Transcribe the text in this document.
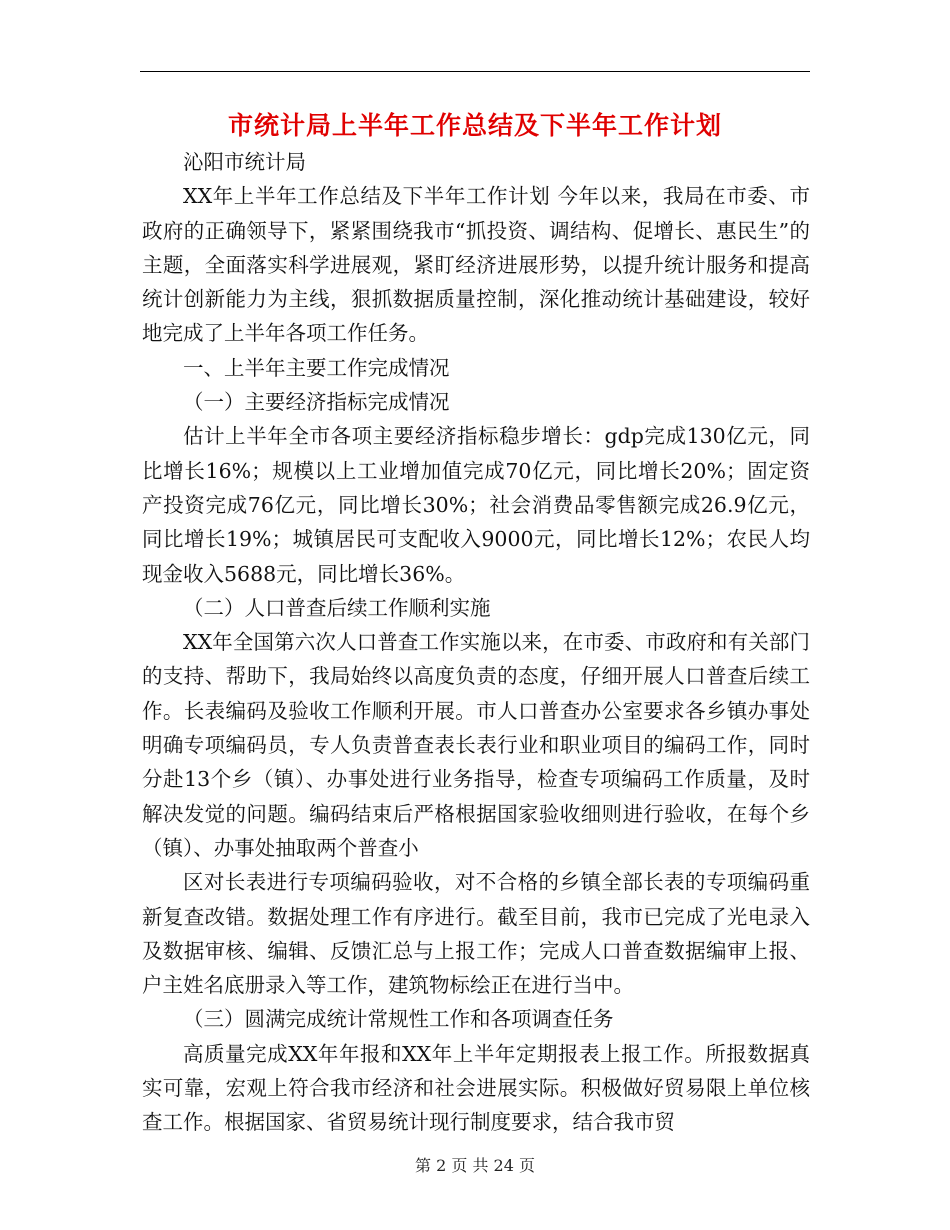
市统计局上半年工作总结及下半年工作计划

沁阳市统计局

XX年上半年工作总结及下半年工作计划 今年以来，我局在市委、市政府的正确领导下，紧紧围绕我市“抓投资、调结构、促增长、惠民生”的主题，全面落实科学进展观，紧盯经济进展形势，以提升统计服务和提高统计创新能力为主线，狠抓数据质量控制，深化推动统计基础建设，较好地完成了上半年各项工作任务。

一、上半年主要工作完成情况

（一）主要经济指标完成情况

估计上半年全市各项主要经济指标稳步增长：gdp完成130亿元，同比增长16%；规模以上工业增加值完成70亿元，同比增长20%；固定资产投资完成76亿元，同比增长30%；社会消费品零售额完成26.9亿元，同比增长19%；城镇居民可支配收入9000元，同比增长12%；农民人均现金收入5688元，同比增长36%。

（二）人口普查后续工作顺利实施

XX年全国第六次人口普查工作实施以来，在市委、市政府和有关部门的支持、帮助下，我局始终以高度负责的态度，仔细开展人口普查后续工作。长表编码及验收工作顺利开展。市人口普查办公室要求各乡镇办事处明确专项编码员，专人负责普查表长表行业和职业项目的编码工作，同时分赴13个乡（镇）、办事处进行业务指导，检查专项编码工作质量，及时解决发觉的问题。编码结束后严格根据国家验收细则进行验收，在每个乡（镇）、办事处抽取两个普查小

区对长表进行专项编码验收，对不合格的乡镇全部长表的专项编码重新复查改错。数据处理工作有序进行。截至目前，我市已完成了光电录入及数据审核、编辑、反馈汇总与上报工作；完成人口普查数据编审上报、户主姓名底册录入等工作，建筑物标绘正在进行当中。

（三）圆满完成统计常规性工作和各项调查任务

高质量完成XX年年报和XX年上半年定期报表上报工作。所报数据真实可靠，宏观上符合我市经济和社会进展实际。积极做好贸易限上单位核查工作。根据国家、省贸易统计现行制度要求，结合我市贸

第 2 页 共 24 页
